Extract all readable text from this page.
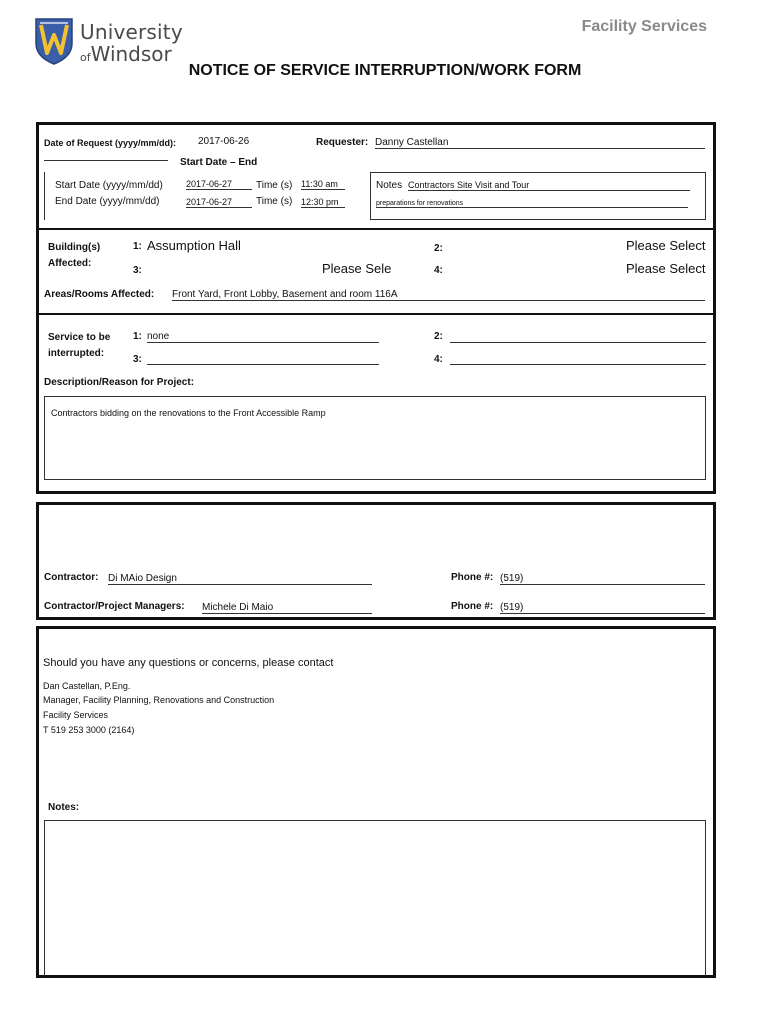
University
ofWindsor
Facility Services
NOTICE OF SERVICE INTERRUPTION/WORK FORM
Date of Request (yyyy/mm/dd): 2017-06-26	Requester: Danny Castellan
Start Date – End
Start Date (yyyy/mm/dd)	2017-06-27	Time (s) 11:30 am
End Date (yyyy/mm/dd)	2017-06-27	Time (s) 12:30 pm
Notes Contractors Site Visit and Tour
preparations for renovations
Building(s)
Affected:
1: Assumption Hall	2:	Please Select
3:	Please Sele	4:	Please Select
Areas/Rooms Affected: Front Yard, Front Lobby, Basement and room 116A
Service to be
interrupted:
1: none	2:
3:	4:
Description/Reason for Project:
Contractors bidding on the renovations to the Front Accessible Ramp
Contractor: Di MAio Design	Phone #: (519)
Contractor/Project Managers: Michele Di Maio	Phone #: (519)
Should you have any questions or concerns, please contact
Dan Castellan, P.Eng.
Manager, Facility Planning, Renovations and Construction
Facility Services
T 519 253 3000 (2164)
Notes:
